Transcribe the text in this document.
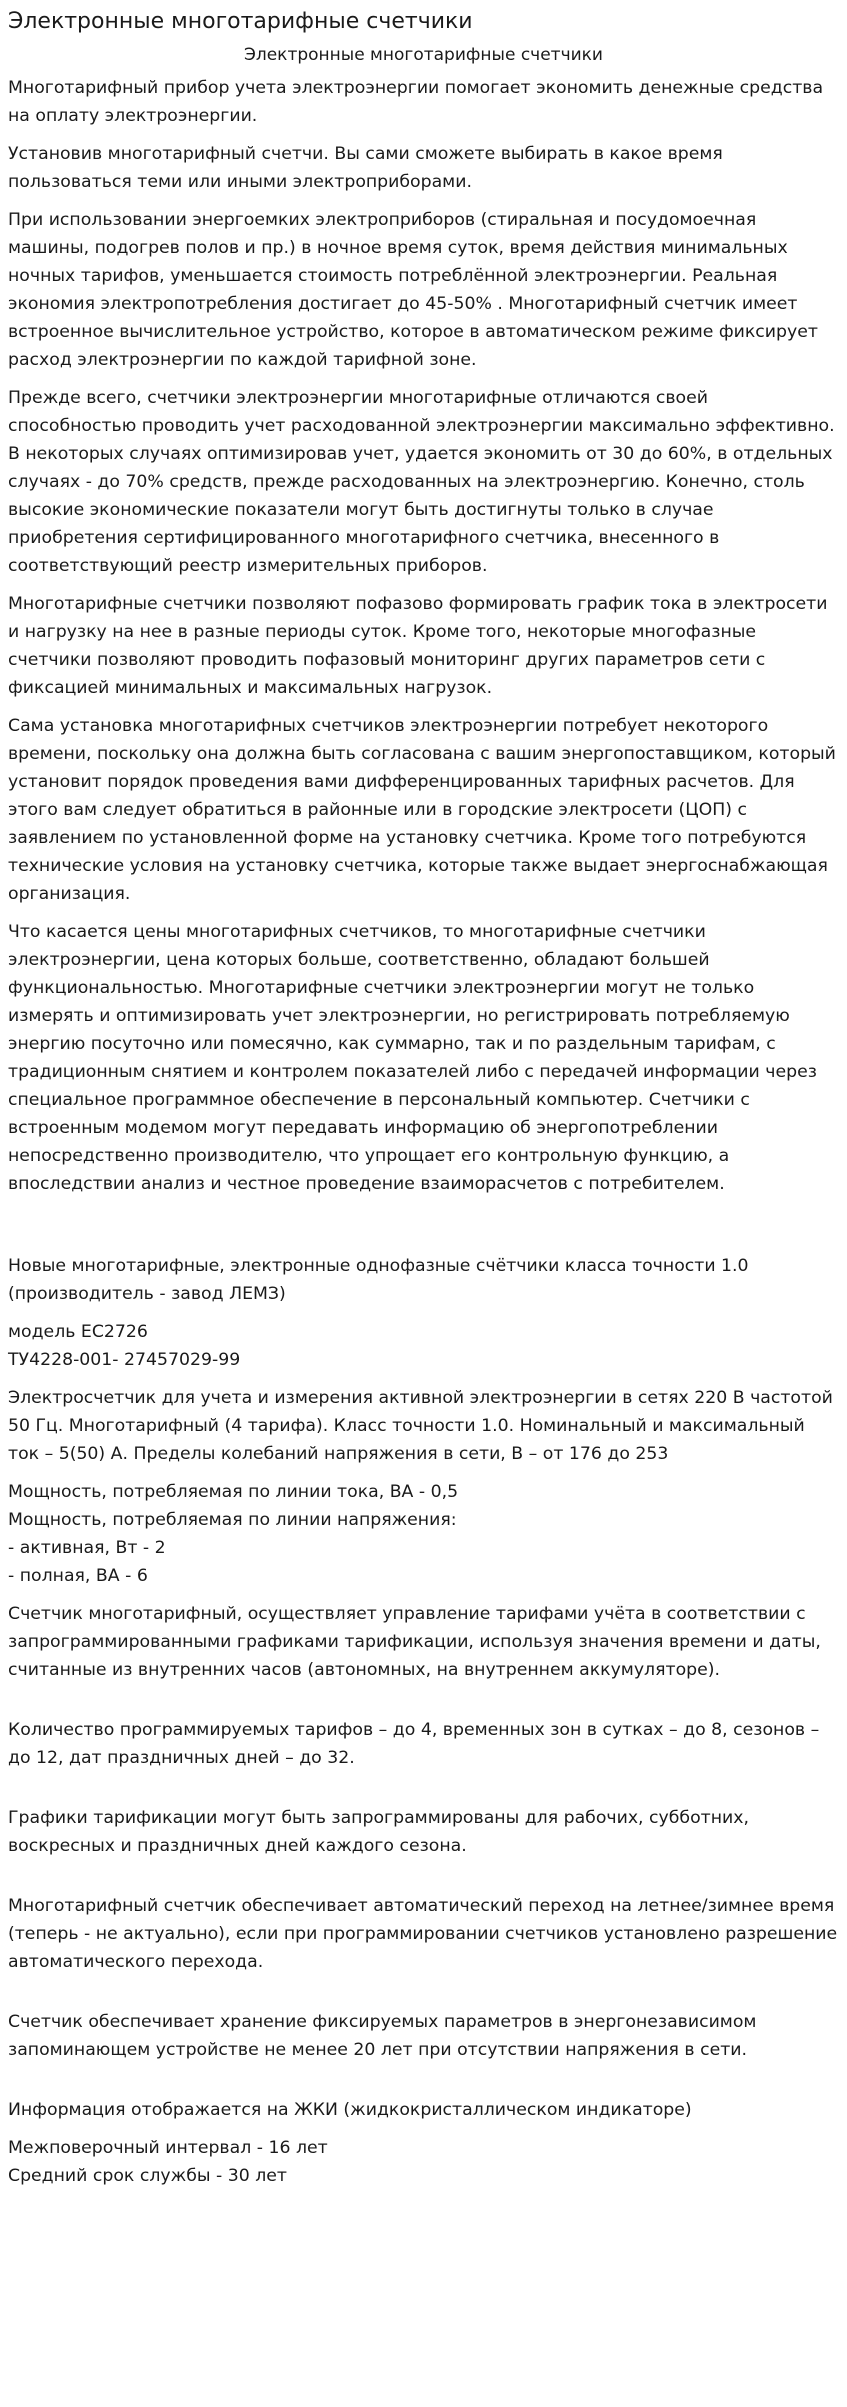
Электронные многотарифные счетчики
Электронные многотарифные счетчики

Многотарифный прибор учета электроэнергии помогает экономить денежные средства на оплату электроэнергии.

Установив многотарифный счетчи. Вы сами сможете выбирать в какое время пользоваться теми или иными электроприборами.

При использовании энергоемких электроприборов (стиральная и посудомоечная машины, подогрев полов и пр.) в ночное время суток, время действия минимальных ночных тарифов, уменьшается стоимость потреблённой электроэнергии. Реальная экономия электропотребления достигает до 45-50% . Многотарифный счетчик имеет встроенное вычислительное устройство, которое в автоматическом режиме фиксирует расход электроэнергии по каждой тарифной зоне.

Прежде всего, счетчики электроэнергии многотарифные отличаются своей способностью проводить учет расходованной электроэнергии максимально эффективно. В некоторых случаях оптимизировав учет, удается экономить от 30 до 60%, в отдельных случаях - до 70% средств, прежде расходованных на электроэнергию. Конечно, столь высокие экономические показатели могут быть достигнуты только в случае приобретения сертифицированного многотарифного счетчика, внесенного в соответствующий реестр измерительных приборов.

Многотарифные счетчики позволяют пофазово формировать график тока в электросети и нагрузку на нее в разные периоды суток. Кроме того, некоторые многофазные счетчики позволяют проводить пофазовый мониторинг других параметров сети с фиксацией минимальных и максимальных нагрузок.

Сама установка многотарифных счетчиков электроэнергии потребует некоторого времени, поскольку она должна быть согласована с вашим энергопоставщиком, который установит порядок проведения вами дифференцированных тарифных расчетов. Для этого вам следует обратиться в районные или в городские электросети (ЦОП) с заявлением по установленной форме на установку счетчика. Кроме того потребуются технические условия на установку счетчика, которые также выдает энергоснабжающая организация.

Что касается цены многотарифных счетчиков, то многотарифные счетчики электроэнергии, цена которых больше, соответственно, обладают большей функциональностью. Многотарифные счетчики электроэнергии могут не только измерять и оптимизировать учет электроэнергии, но регистрировать потребляемую энергию посуточно или помесячно, как суммарно, так и по раздельным тарифам, с традиционным снятием и контролем показателей либо с передачей информации через специальное программное обеспечение в персональный компьютер. Счетчики с встроенным модемом могут передавать информацию об энергопотреблении непосредственно производителю, что упрощает его контрольную функцию, а впоследствии анализ и честное проведение взаиморасчетов с потребителем.

Новые многотарифные, электронные однофазные счётчики класса точности 1.0 (производитель - завод ЛЕМЗ)

модель ЕС2726
ТУ4228-001- 27457029-99

Электросчетчик для учета и измерения активной электроэнергии в сетях 220 В частотой 50 Гц. Многотарифный (4 тарифа). Класс точности 1.0. Номинальный и максимальный ток – 5(50) А. Пределы колебаний напряжения в сети, В – от 176 до 253

Мощность, потребляемая по линии тока, ВА - 0,5
Мощность, потребляемая по линии напряжения:
- активная, Вт - 2
- полная, ВА - 6
Счетчик многотарифный, осуществляет управление тарифами учёта в соответствии с запрограммированными графиками тарификации, используя значения времени и даты, считанные из внутренних часов (автономных, на внутреннем аккумуляторе).
Количество программируемых тарифов – до 4, временных зон в сутках – до 8, сезонов – до 12, дат праздничных дней – до 32.
Графики тарификации могут быть запрограммированы для рабочих, субботних, воскресных и праздничных дней каждого сезона.
Многотарифный счетчик обеспечивает автоматический переход на летнее/зимнее время (теперь - не актуально), если при программировании счетчиков установлено разрешение автоматического перехода.
Счетчик обеспечивает хранение фиксируемых параметров в энергонезависимом запоминающем устройстве не менее 20 лет при отсутствии напряжения в сети.

Информация отображается на ЖКИ (жидкокристаллическом индикаторе)

Межповерочный интервал - 16 лет
Средний срок службы - 30 лет
